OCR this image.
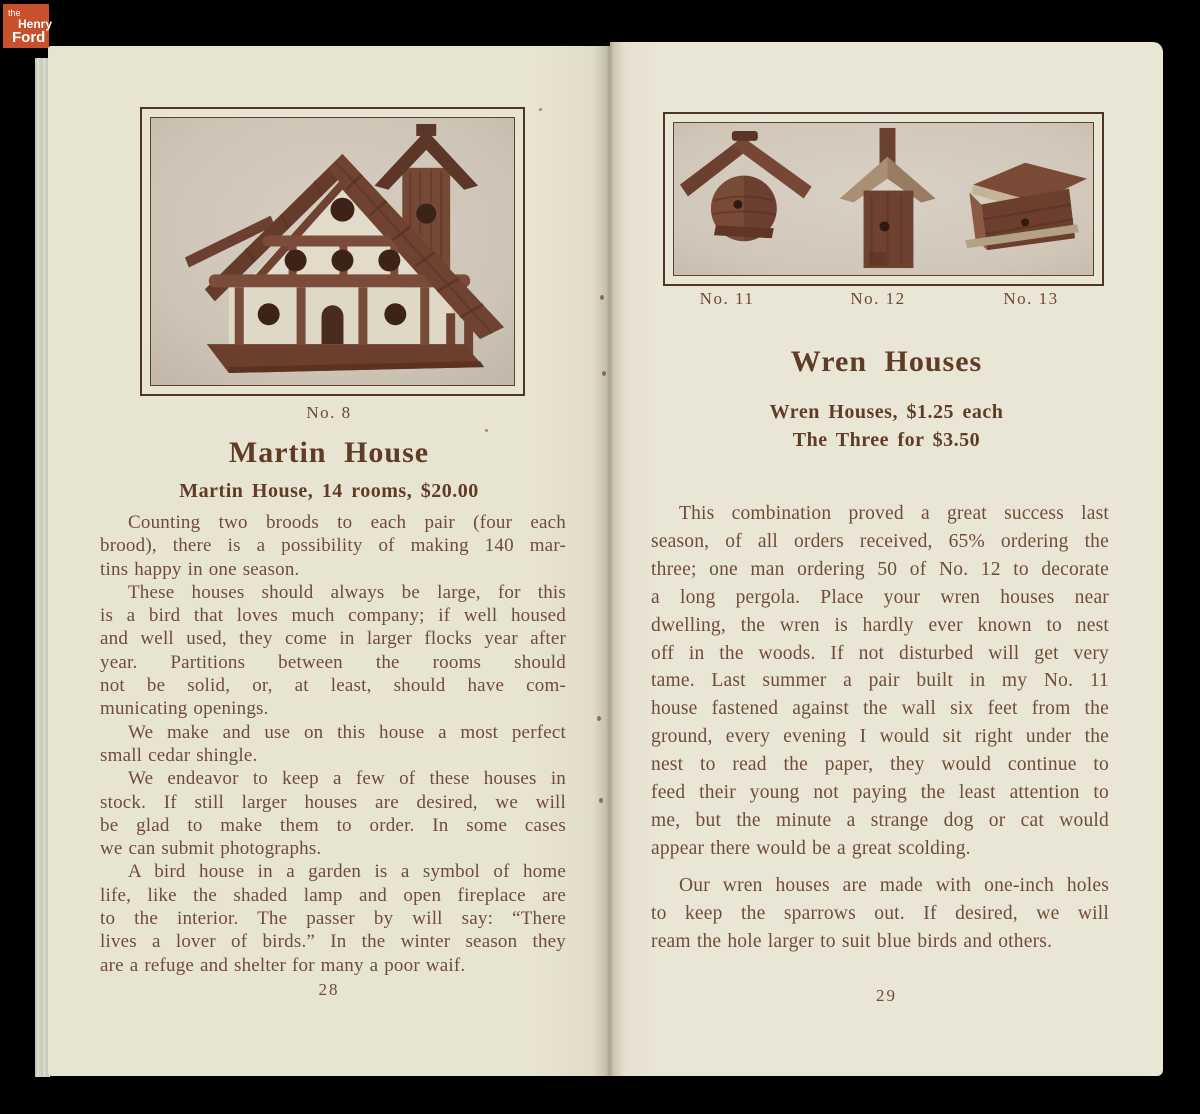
the
Henry
Ford
No. 8
Martin House
Martin House, 14 rooms, $20.00
Counting two broods to each pair (four each
brood), there is a possibility of making 140 mar-
tins happy in one season.
These houses should always be large, for this
is a bird that loves much company; if well housed
and well used, they come in larger flocks year after
year. Partitions between the rooms should
not be solid, or, at least, should have com-
municating openings.
We make and use on this house a most perfect
small cedar shingle.
We endeavor to keep a few of these houses in
stock. If still larger houses are desired, we will
be glad to make them to order. In some cases
we can submit photographs.
A bird house in a garden is a symbol of home
life, like the shaded lamp and open fireplace are
to the interior. The passer by will say: “There
lives a lover of birds.” In the winter season they
are a refuge and shelter for many a poor waif.
28
No. 11	No. 12	No. 13
Wren Houses
Wren Houses, $1.25 each
The Three for $3.50
This combination proved a great success last
season, of all orders received, 65% ordering the
three; one man ordering 50 of No. 12 to decorate
a long pergola. Place your wren houses near
dwelling, the wren is hardly ever known to nest
off in the woods. If not disturbed will get very
tame. Last summer a pair built in my No. 11
house fastened against the wall six feet from the
ground, every evening I would sit right under the
nest to read the paper, they would continue to
feed their young not paying the least attention to
me, but the minute a strange dog or cat would
appear there would be a great scolding.
Our wren houses are made with one-inch holes
to keep the sparrows out. If desired, we will
ream the hole larger to suit blue birds and others.
29
